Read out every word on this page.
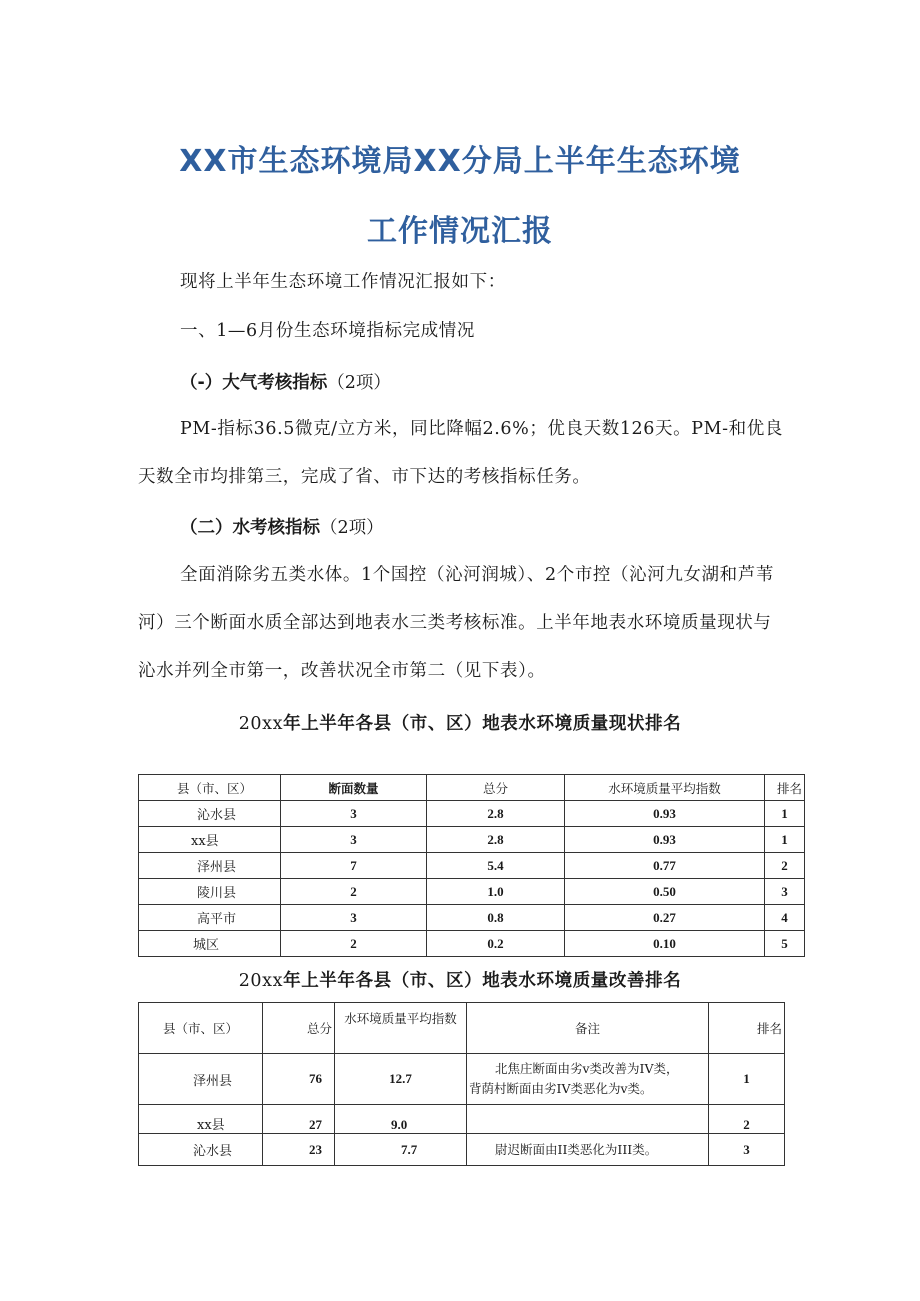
XX市生态环境局XX分局上半年生态环境
工作情况汇报
现将上半年生态环境工作情况汇报如下：
一、1—6月份生态环境指标完成情况
（-）大气考核指标（2项）
PM-指标36.5微克/立方米，同比降幅2.6%；优良天数126天。PM-和优良天数全市均排第三，完成了省、市下达的考核指标任务。
（二）水考核指标（2项）
全面消除劣五类水体。1个国控（沁河润城）、2个市控（沁河九女湖和芦苇河）三个断面水质全部达到地表水三类考核标准。上半年地表水环境质量现状与沁水并列全市第一，改善状况全市第二（见下表）。
20xx年上半年各县（市、区）地表水环境质量现状排名
县（市、区）	断面数量	总分	水环境质量平均指数	排名
沁水县	3	2.8	0.93	1
xx县	3	2.8	0.93	1
泽州县	7	5.4	0.77	2
陵川县	2	1.0	0.50	3
高平市	3	0.8	0.27	4
城区	2	0.2	0.10	5
20xx年上半年各县（市、区）地表水环境质量改善排名
县（市、区）	总分	水环境质量平均指数	备注	排名
泽州县	76	12.7	北焦庄断面由劣v类改善为IV类，
背荫村断面由劣IV类恶化为v类。	1
xx县	27	9.0		2
沁水县	23	7.7	尉迟断面由II类恶化为III类。	3
